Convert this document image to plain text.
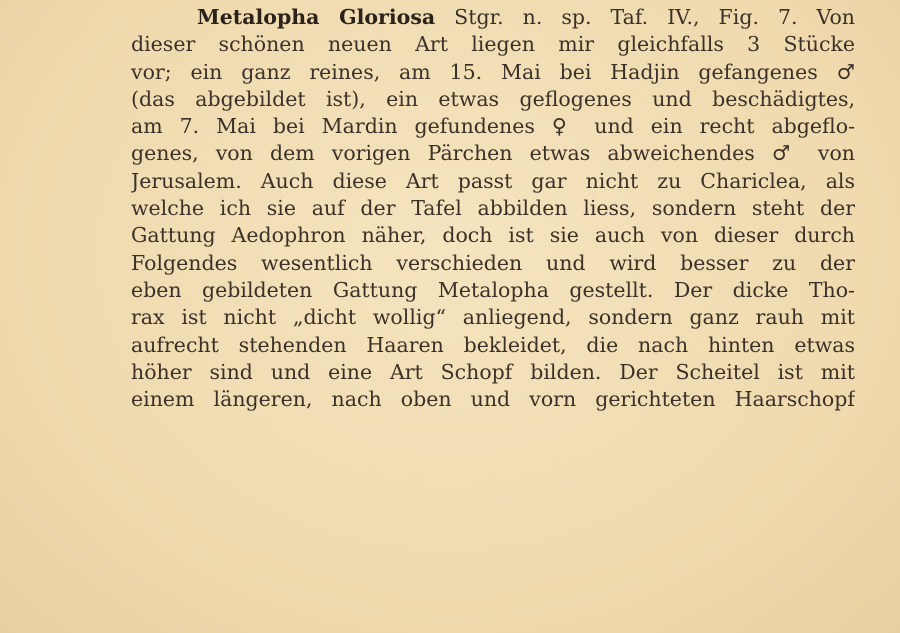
Metalopha Gloriosa Stgr. n. sp. Taf. IV., Fig. 7. Von
dieser schönen neuen Art liegen mir gleichfalls 3 Stücke
vor; ein ganz reines, am 15. Mai bei Hadjin gefangenes ♂
(das abgebildet ist), ein etwas geflogenes und beschädigtes,
am 7. Mai bei Mardin gefundenes ♀ und ein recht abgeflo-
genes, von dem vorigen Pärchen etwas abweichendes ♂ von
Jerusalem. Auch diese Art passt gar nicht zu Chariclea, als
welche ich sie auf der Tafel abbilden liess, sondern steht der
Gattung Aedophron näher, doch ist sie auch von dieser durch
Folgendes wesentlich verschieden und wird besser zu der
eben gebildeten Gattung Metalopha gestellt. Der dicke Tho-
rax ist nicht „dicht wollig“ anliegend, sondern ganz rauh mit
aufrecht stehenden Haaren bekleidet, die nach hinten etwas
höher sind und eine Art Schopf bilden. Der Scheitel ist mit
einem längeren, nach oben und vorn gerichteten Haarschopf
